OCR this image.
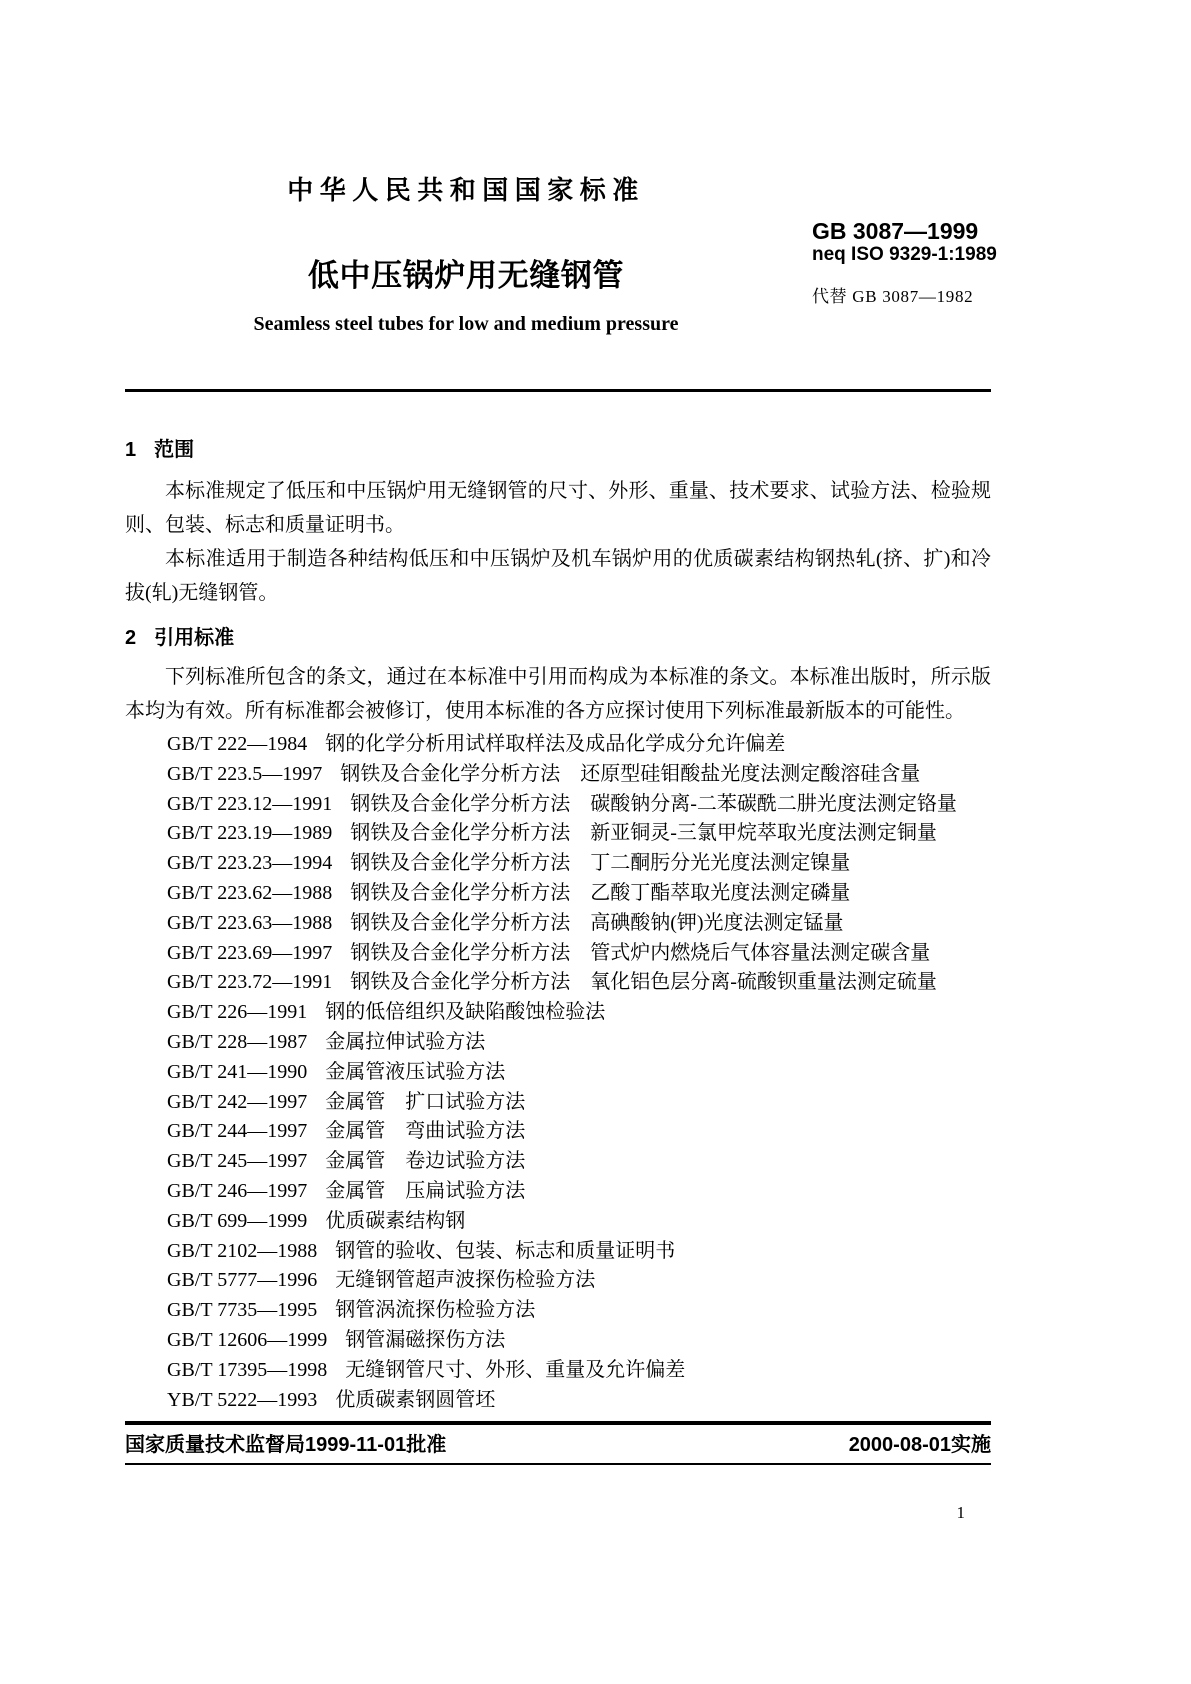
中华人民共和国国家标准
GB 3087—1999
neq ISO 9329-1:1989
代替 GB 3087—1982
低中压锅炉用无缝钢管
Seamless steel tubes for low and medium pressure
1 范围

本标准规定了低压和中压锅炉用无缝钢管的尺寸、外形、重量、技术要求、试验方法、检验规则、包装、标志和质量证明书。

本标准适用于制造各种结构低压和中压锅炉及机车锅炉用的优质碳素结构钢热轧(挤、扩)和冷拔(轧)无缝钢管。

2 引用标准

下列标准所包含的条文，通过在本标准中引用而构成为本标准的条文。本标准出版时，所示版本均为有效。所有标准都会被修订，使用本标准的各方应探讨使用下列标准最新版本的可能性。

GB/T 222—1984 钢的化学分析用试样取样法及成品化学成分允许偏差
GB/T 223.5—1997 钢铁及合金化学分析方法　还原型硅钼酸盐光度法测定酸溶硅含量
GB/T 223.12—1991 钢铁及合金化学分析方法　碳酸钠分离-二苯碳酰二肼光度法测定铬量
GB/T 223.19—1989 钢铁及合金化学分析方法　新亚铜灵-三氯甲烷萃取光度法测定铜量
GB/T 223.23—1994 钢铁及合金化学分析方法　丁二酮肟分光光度法测定镍量
GB/T 223.62—1988 钢铁及合金化学分析方法　乙酸丁酯萃取光度法测定磷量
GB/T 223.63—1988 钢铁及合金化学分析方法　高碘酸钠(钾)光度法测定锰量
GB/T 223.69—1997 钢铁及合金化学分析方法　管式炉内燃烧后气体容量法测定碳含量
GB/T 223.72—1991 钢铁及合金化学分析方法　氧化铝色层分离-硫酸钡重量法测定硫量
GB/T 226—1991 钢的低倍组织及缺陷酸蚀检验法
GB/T 228—1987 金属拉伸试验方法
GB/T 241—1990 金属管液压试验方法
GB/T 242—1997 金属管　扩口试验方法
GB/T 244—1997 金属管　弯曲试验方法
GB/T 245—1997 金属管　卷边试验方法
GB/T 246—1997 金属管　压扁试验方法
GB/T 699—1999 优质碳素结构钢
GB/T 2102—1988 钢管的验收、包装、标志和质量证明书
GB/T 5777—1996 无缝钢管超声波探伤检验方法
GB/T 7735—1995 钢管涡流探伤检验方法
GB/T 12606—1999 钢管漏磁探伤方法
GB/T 17395—1998 无缝钢管尺寸、外形、重量及允许偏差
YB/T 5222—1993 优质碳素钢圆管坯
国家质量技术监督局1999-11-01批准	2000-08-01实施
1
